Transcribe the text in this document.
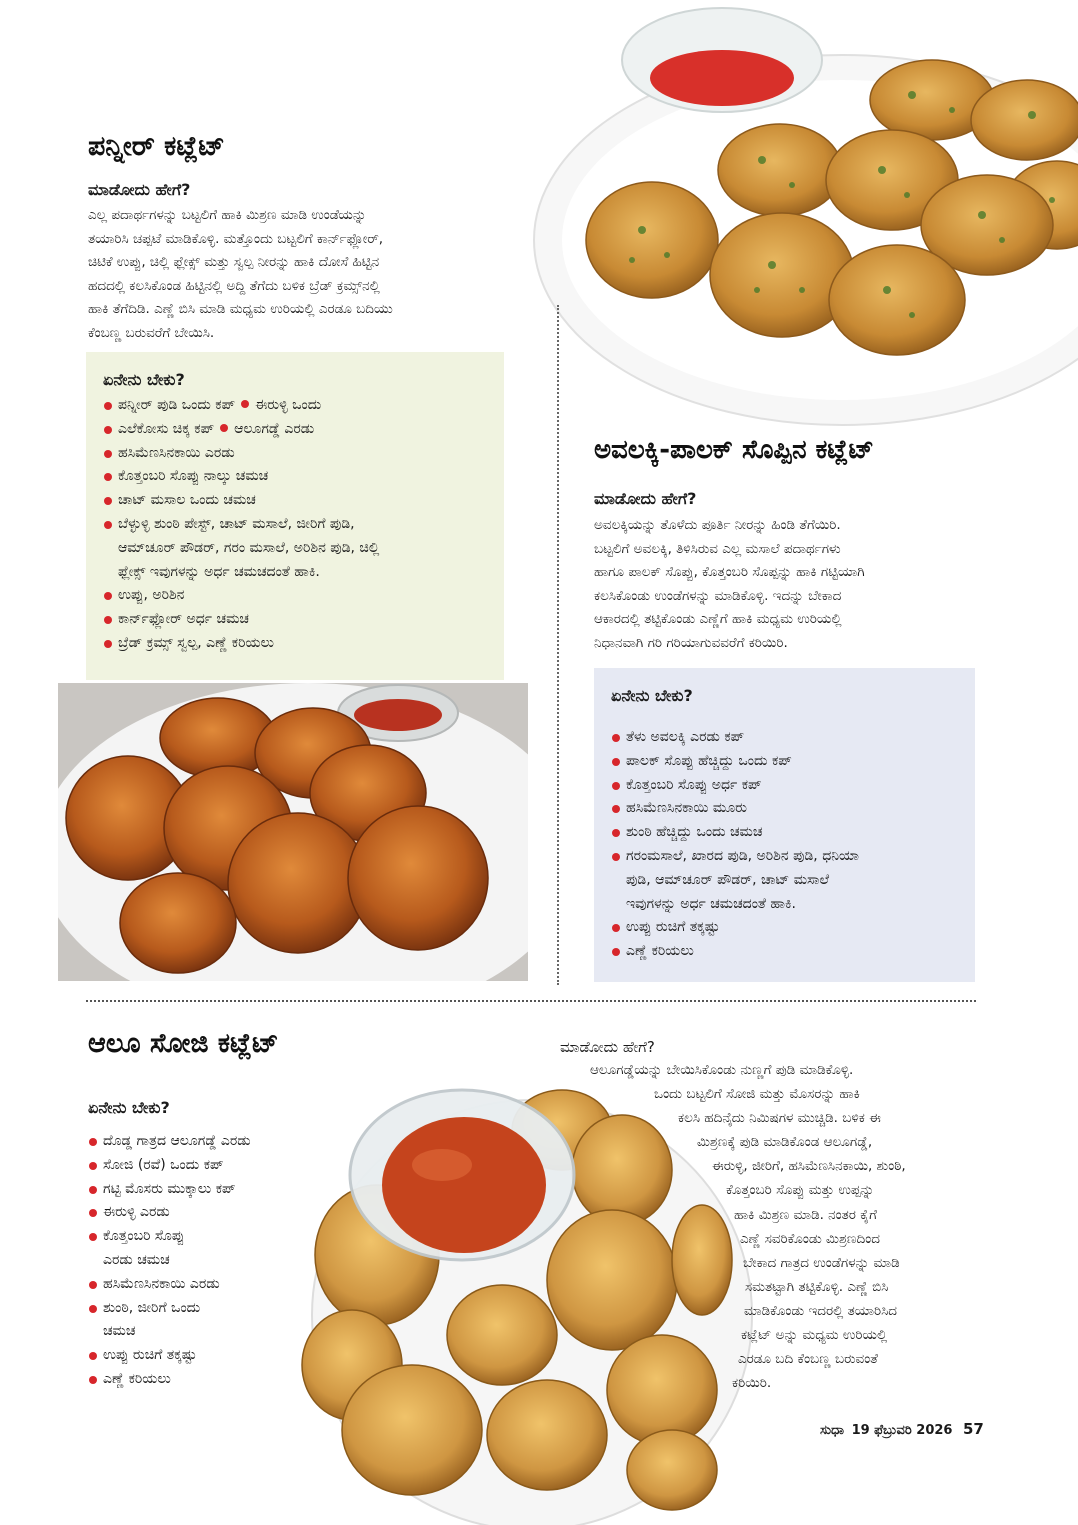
ಪನ್ನೀರ್ ಕಟ್ಲೆಟ್
ಮಾಡೋದು ಹೇಗೆ?
ಎಲ್ಲ ಪದಾರ್ಥಗಳನ್ನು ಬಟ್ಟಲಿಗೆ ಹಾಕಿ ಮಿಶ್ರಣ ಮಾಡಿ ಉಂಡೆಯನ್ನು
ತಯಾರಿಸಿ ಚಪ್ಪಟೆ ಮಾಡಿಕೊಳ್ಳಿ. ಮತ್ತೊಂದು ಬಟ್ಟಲಿಗೆ ಕಾರ್ನ್‌ಫ್ಲೋರ್,
ಚಿಟಿಕೆ ಉಪ್ಪು, ಚಿಲ್ಲಿ ಫ್ಲೇಕ್ಸ್ ಮತ್ತು ಸ್ವಲ್ಪ ನೀರನ್ನು ಹಾಕಿ ದೋಸೆ ಹಿಟ್ಟಿನ
ಹದದಲ್ಲಿ ಕಲಸಿಕೊಂಡ ಹಿಟ್ಟಿನಲ್ಲಿ ಅದ್ದಿ ತೆಗೆದು ಬಳಿಕ ಬ್ರೆಡ್ ಕ್ರಮ್ಸ್‌ನಲ್ಲಿ
ಹಾಕಿ ತೆಗೆದಿಡಿ. ಎಣ್ಣೆ ಬಿಸಿ ಮಾಡಿ ಮಧ್ಯಮ ಉರಿಯಲ್ಲಿ ಎರಡೂ ಬದಿಯು
ಕೆಂಬಣ್ಣ ಬರುವರೆಗೆ ಬೇಯಿಸಿ.
ಏನೇನು ಬೇಕು?
ಪನ್ನೀರ್ ಪುಡಿ ಒಂದು ಕಪ್ ಈರುಳ್ಳಿ ಒಂದು
ಎಲೆಕೋಸು ಚಿಕ್ಕ ಕಪ್ ಆಲೂಗಡ್ಡೆ ಎರಡು
ಹಸಿಮೆಣಸಿನಕಾಯಿ ಎರಡು
ಕೊತ್ತಂಬರಿ ಸೊಪ್ಪು ನಾಲ್ಕು ಚಮಚ
ಚಾಟ್ ಮಸಾಲ ಒಂದು ಚಮಚ
ಬೆಳ್ಳುಳ್ಳಿ ಶುಂಠಿ ಪೇಸ್ಟ್, ಚಾಟ್ ಮಸಾಲೆ, ಜೀರಿಗೆ ಪುಡಿ,
ಆಮ್‌ಚೂರ್ ಪೌಡರ್, ಗರಂ ಮಸಾಲೆ, ಅರಿಶಿನ ಪುಡಿ, ಚಿಲ್ಲಿ
ಫ್ಲೇಕ್ಸ್ ಇವುಗಳನ್ನು ಅರ್ಧ ಚಮಚದಂತೆ ಹಾಕಿ.
ಉಪ್ಪು, ಅರಿಶಿನ
ಕಾರ್ನ್‌ಫ್ಲೋರ್ ಅರ್ಧ ಚಮಚ
ಬ್ರೆಡ್ ಕ್ರಮ್ಸ್ ಸ್ವಲ್ಪ, ಎಣ್ಣೆ ಕರಿಯಲು
ಅವಲಕ್ಕಿ-ಪಾಲಕ್ ಸೊಪ್ಪಿನ ಕಟ್ಲೆಟ್
ಮಾಡೋದು ಹೇಗೆ?
ಅವಲಕ್ಕಿಯನ್ನು ತೊಳೆದು ಪೂರ್ತಿ ನೀರನ್ನು ಹಿಂಡಿ ತೆಗೆಯಿರಿ.
ಬಟ್ಟಲಿಗೆ ಅವಲಕ್ಕಿ, ತಿಳಿಸಿರುವ ಎಲ್ಲ ಮಸಾಲೆ ಪದಾರ್ಥಗಳು
ಹಾಗೂ ಪಾಲಕ್ ಸೊಪ್ಪು, ಕೊತ್ತಂಬರಿ ಸೊಪ್ಪನ್ನು ಹಾಕಿ ಗಟ್ಟಿಯಾಗಿ
ಕಲಸಿಕೊಂಡು ಉಂಡೆಗಳನ್ನು ಮಾಡಿಕೊಳ್ಳಿ. ಇದನ್ನು ಬೇಕಾದ
ಆಕಾರದಲ್ಲಿ ತಟ್ಟಿಕೊಂಡು ಎಣ್ಣೆಗೆ ಹಾಕಿ ಮಧ್ಯಮ ಉರಿಯಲ್ಲಿ
ನಿಧಾನವಾಗಿ ಗರಿ ಗರಿಯಾಗುವವರೆಗೆ ಕರಿಯಿರಿ.
ಏನೇನು ಬೇಕು?
ತೆಳು ಅವಲಕ್ಕಿ ಎರಡು ಕಪ್
ಪಾಲಕ್ ಸೊಪ್ಪು ಹೆಚ್ಚಿದ್ದು ಒಂದು ಕಪ್
ಕೊತ್ತಂಬರಿ ಸೊಪ್ಪು ಅರ್ಧ ಕಪ್
ಹಸಿಮೆಣಸಿನಕಾಯಿ ಮೂರು
ಶುಂಠಿ ಹೆಚ್ಚಿದ್ದು ಒಂದು ಚಮಚ
ಗರಂಮಸಾಲೆ, ಖಾರದ ಪುಡಿ, ಅರಿಶಿನ ಪುಡಿ, ಧನಿಯಾ
ಪುಡಿ, ಆಮ್‌ಚೂರ್ ಪೌಡರ್, ಚಾಟ್ ಮಸಾಲೆ
ಇವುಗಳನ್ನು ಅರ್ಧ ಚಮಚದಂತೆ ಹಾಕಿ.
ಉಪ್ಪು ರುಚಿಗೆ ತಕ್ಕಷ್ಟು
ಎಣ್ಣೆ ಕರಿಯಲು
ಆಲೂ ಸೋಜಿ ಕಟ್ಲೆಟ್
ಏನೇನು ಬೇಕು?
ದೊಡ್ಡ ಗಾತ್ರದ ಆಲೂಗಡ್ಡೆ ಎರಡು
ಸೋಜಿ (ರವೆ) ಒಂದು ಕಪ್
ಗಟ್ಟಿ ಮೊಸರು ಮುಕ್ಕಾಲು ಕಪ್
ಈರುಳ್ಳಿ ಎರಡು
ಕೊತ್ತಂಬರಿ ಸೊಪ್ಪು
ಎರಡು ಚಮಚ
ಹಸಿಮೆಣಸಿನಕಾಯಿ ಎರಡು
ಶುಂಠಿ, ಜೀರಿಗೆ ಒಂದು
ಚಮಚ
ಉಪ್ಪು ರುಚಿಗೆ ತಕ್ಕಷ್ಟು
ಎಣ್ಣೆ ಕರಿಯಲು
ಮಾಡೋದು ಹೇಗೆ?
ಆಲೂಗಡ್ಡೆಯನ್ನು ಬೇಯಿಸಿಕೊಂಡು ನುಣ್ಣಗೆ ಪುಡಿ ಮಾಡಿಕೊಳ್ಳಿ.
ಒಂದು ಬಟ್ಟಲಿಗೆ ಸೋಜಿ ಮತ್ತು ಮೊಸರನ್ನು ಹಾಕಿ
ಕಲಸಿ ಹದಿನೈದು ನಿಮಿಷಗಳ ಮುಚ್ಚಿಡಿ. ಬಳಿಕ ಈ
ಮಿಶ್ರಣಕ್ಕೆ ಪುಡಿ ಮಾಡಿಕೊಂಡ ಆಲೂಗಡ್ಡೆ,
ಈರುಳ್ಳಿ, ಜೀರಿಗೆ, ಹಸಿಮೆಣಸಿನಕಾಯಿ, ಶುಂಠಿ,
ಕೊತ್ತಂಬರಿ ಸೊಪ್ಪು ಮತ್ತು ಉಪ್ಪನ್ನು
ಹಾಕಿ ಮಿಶ್ರಣ ಮಾಡಿ. ನಂತರ ಕೈಗೆ
ಎಣ್ಣೆ ಸವರಿಕೊಂಡು ಮಿಶ್ರಣದಿಂದ
ಬೇಕಾದ ಗಾತ್ರದ ಉಂಡೆಗಳನ್ನು ಮಾಡಿ
ಸಮತಟ್ಟಾಗಿ ತಟ್ಟಿಕೊಳ್ಳಿ. ಎಣ್ಣೆ ಬಿಸಿ
ಮಾಡಿಕೊಂಡು ಇದರಲ್ಲಿ ತಯಾರಿಸಿದ
ಕಟ್ಲೆಟ್ ಅನ್ನು ಮಧ್ಯಮ ಉರಿಯಲ್ಲಿ
ಎರಡೂ ಬದಿ ಕೆಂಬಣ್ಣ ಬರುವಂತೆ
ಕರಿಯಿರಿ.
ಸುಧಾ 19 ಫೆಬ್ರುವರಿ 2026 57
